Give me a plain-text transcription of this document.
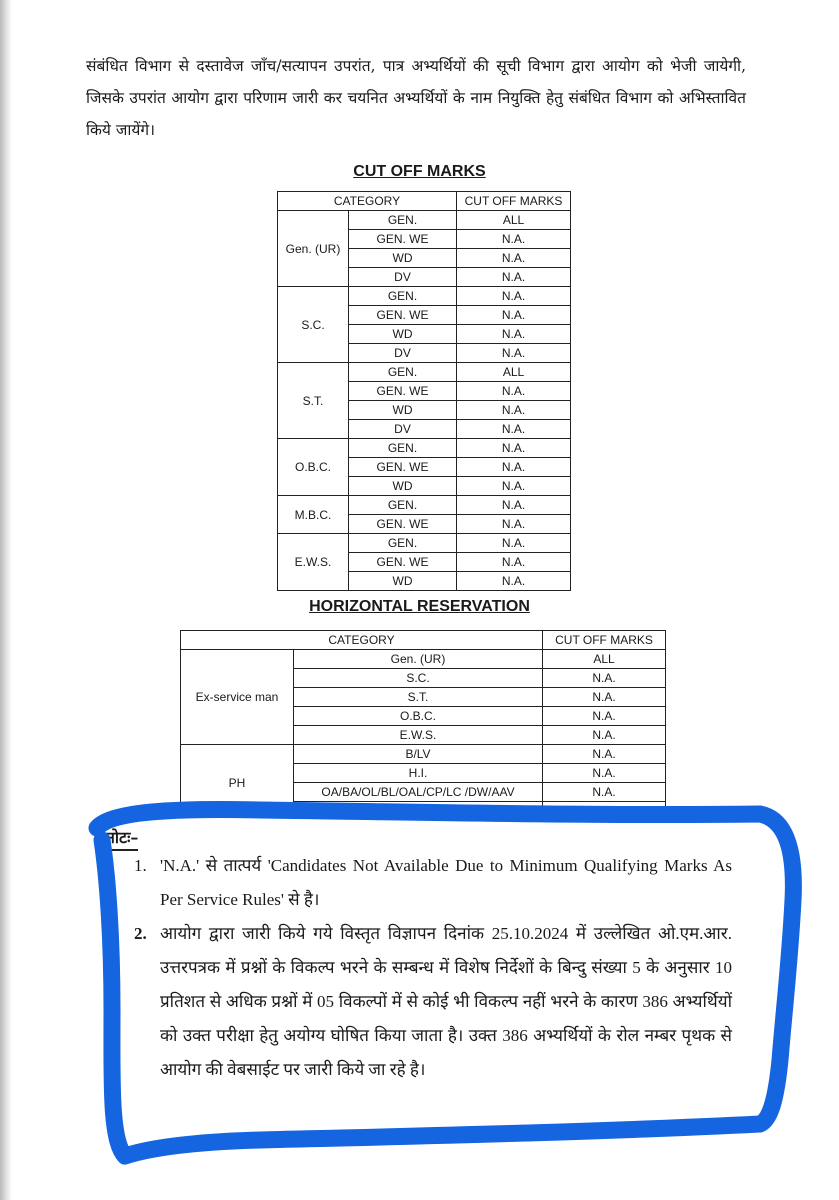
संबंधित विभाग से दस्तावेज जाँच/सत्यापन उपरांत, पात्र अभ्यर्थियों की सूची विभाग द्वारा आयोग को भेजी जायेगी, जिसके उपरांत आयोग द्वारा परिणाम जारी कर चयनित अभ्यर्थियों के नाम नियुक्ति हेतु संबंधित विभाग को अभिस्तावित किये जायेंगे।

CUT OFF MARKS
CATEGORY		CUT OFF MARKS
Gen. (UR)	GEN.	ALL
	GEN. WE	N.A.
	WD	N.A.
	DV	N.A.
S.C.	GEN.	N.A.
	GEN. WE	N.A.
	WD	N.A.
	DV	N.A.
S.T.	GEN.	ALL
	GEN. WE	N.A.
	WD	N.A.
	DV	N.A.
O.B.C.	GEN.	N.A.
	GEN. WE	N.A.
	WD	N.A.
M.B.C.	GEN.	N.A.
	GEN. WE	N.A.
E.W.S.	GEN.	N.A.
	GEN. WE	N.A.
	WD	N.A.
HORIZONTAL RESERVATION
CATEGORY		CUT OFF MARKS
Ex-service man	Gen. (UR)	ALL
	S.C.	N.A.
	S.T.	N.A.
	O.B.C.	N.A.
	E.W.S.	N.A.
PH	B/LV	N.A.
	H.I.	N.A.
	OA/BA/OL/BL/OAL/CP/LC /DW/AAV	N.A.
	(a) A.S.D., M.I., S.L.D., & (b) Mul. Dis.	N.A.
नोटः–
1. 'N.A.' से तात्पर्य 'Candidates Not Available Due to Minimum Qualifying Marks As Per Service Rules' से है।
2. आयोग द्वारा जारी किये गये विस्तृत विज्ञापन दिनांक 25.10.2024 में उल्लेखित ओ.एम.आर. उत्तरपत्रक में प्रश्नों के विकल्प भरने के सम्बन्ध में विशेष निर्देशों के बिन्दु संख्या 5 के अनुसार 10 प्रतिशत से अधिक प्रश्नों में 05 विकल्पों में से कोई भी विकल्प नहीं भरने के कारण 386 अभ्यर्थियों को उक्त परीक्षा हेतु अयोग्य घोषित किया जाता है। उक्त 386 अभ्यर्थियों के रोल नम्बर पृथक से आयोग की वेबसाईट पर जारी किये जा रहे है।
